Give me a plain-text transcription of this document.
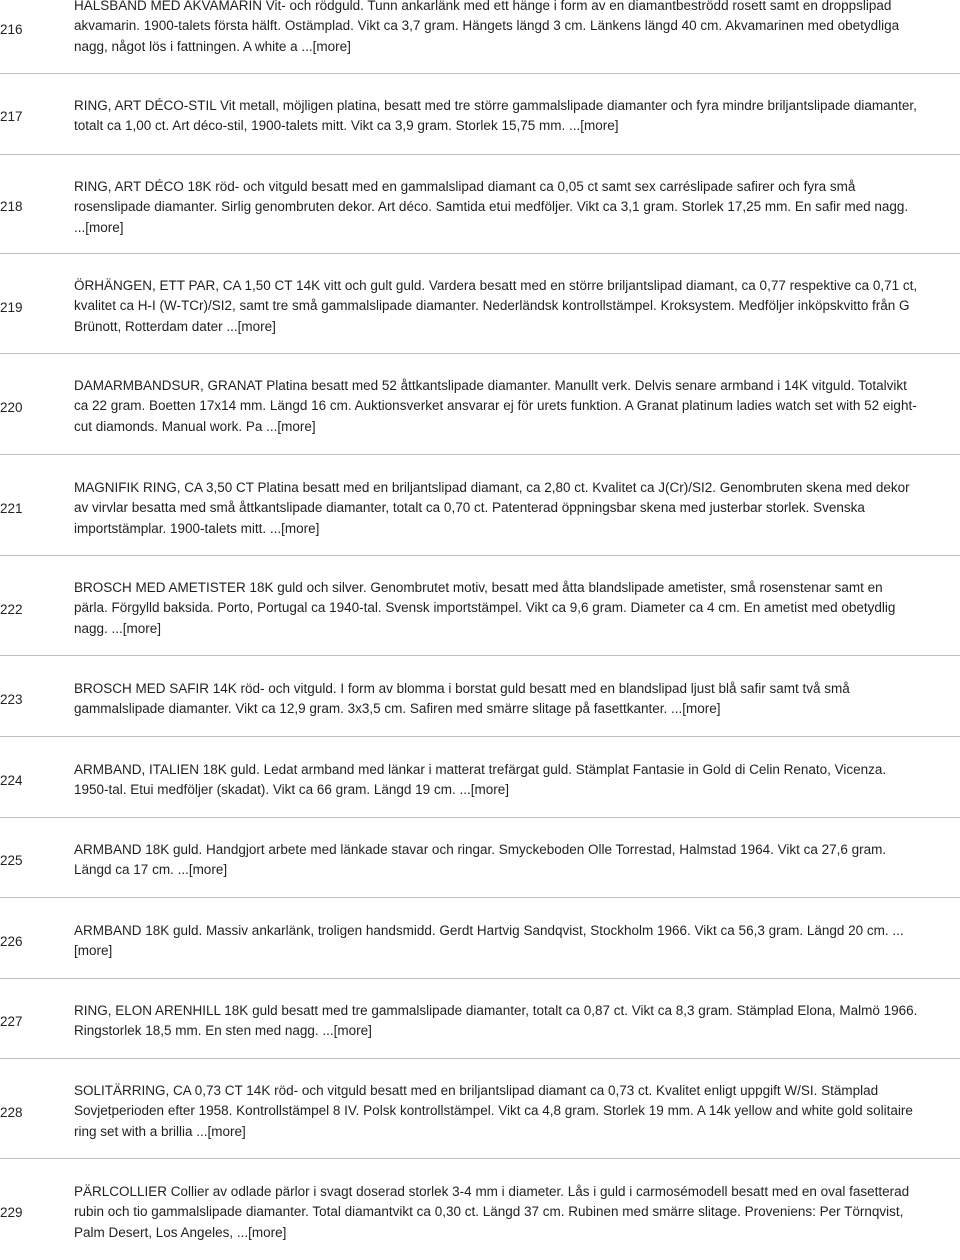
216
HALSBAND MED AKVAMARIN Vit- och rödguld. Tunn ankarlänk med ett hänge i form av en diamantbeströdd rosett samt en droppslipad akvamarin. 1900-talets första hälft. Ostämplad. Vikt ca 3,7 gram. Hängets längd 3 cm. Länkens längd 40 cm. Akvamarinen med obetydliga nagg, något lös i fattningen. A white a ...[more]
217
RING, ART DÉCO-STIL Vit metall, möjligen platina, besatt med tre större gammalslipade diamanter och fyra mindre briljantslipade diamanter, totalt ca 1,00 ct. Art déco-stil, 1900-talets mitt. Vikt ca 3,9 gram. Storlek 15,75 mm. ...[more]
218
RING, ART DÉCO 18K röd- och vitguld besatt med en gammalslipad diamant ca 0,05 ct samt sex carréslipade safirer och fyra små rosenslipade diamanter. Sirlig genombruten dekor. Art déco. Samtida etui medföljer. Vikt ca 3,1 gram. Storlek 17,25 mm. En safir med nagg. ...[more]
219
ÖRHÄNGEN, ETT PAR, CA 1,50 CT 14K vitt och gult guld. Vardera besatt med en större briljantslipad diamant, ca 0,77 respektive ca 0,71 ct, kvalitet ca H-I (W-TCr)/SI2, samt tre små gammalslipade diamanter. Nederländsk kontrollstämpel. Kroksystem. Medföljer inköpskvitto från G Brünott, Rotterdam dater ...[more]
220
DAMARMBANDSUR, GRANAT Platina besatt med 52 åttkantslipade diamanter. Manullt verk. Delvis senare armband i 14K vitguld. Totalvikt ca 22 gram. Boetten 17x14 mm. Längd 16 cm. Auktionsverket ansvarar ej för urets funktion. A Granat platinum ladies watch set with 52 eight-cut diamonds. Manual work. Pa ...[more]
221
MAGNIFIK RING, CA 3,50 CT Platina besatt med en briljantslipad diamant, ca 2,80 ct. Kvalitet ca J(Cr)/SI2. Genombruten skena med dekor av virvlar besatta med små åttkantslipade diamanter, totalt ca 0,70 ct. Patenterad öppningsbar skena med justerbar storlek. Svenska importstämplar. 1900-talets mitt. ...[more]
222
BROSCH MED AMETISTER 18K guld och silver. Genombrutet motiv, besatt med åtta blandslipade ametister, små rosenstenar samt en pärla. Förgylld baksida. Porto, Portugal ca 1940-tal. Svensk importstämpel. Vikt ca 9,6 gram. Diameter ca 4 cm. En ametist med obetydlig nagg. ...[more]
223
BROSCH MED SAFIR 14K röd- och vitguld. I form av blomma i borstat guld besatt med en blandslipad ljust blå safir samt två små gammalslipade diamanter. Vikt ca 12,9 gram. 3x3,5 cm. Safiren med smärre slitage på fasettkanter. ...[more]
224
ARMBAND, ITALIEN 18K guld. Ledat armband med länkar i matterat trefärgat guld. Stämplat Fantasie in Gold di Celin Renato, Vicenza. 1950-tal. Etui medföljer (skadat). Vikt ca 66 gram. Längd 19 cm. ...[more]
225
ARMBAND 18K guld. Handgjort arbete med länkade stavar och ringar. Smyckeboden Olle Torrestad, Halmstad 1964. Vikt ca 27,6 gram. Längd ca 17 cm. ...[more]
226
ARMBAND 18K guld. Massiv ankarlänk, troligen handsmidd. Gerdt Hartvig Sandqvist, Stockholm 1966. Vikt ca 56,3 gram. Längd 20 cm. ...[more]
227
RING, ELON ARENHILL 18K guld besatt med tre gammalslipade diamanter, totalt ca 0,87 ct. Vikt ca 8,3 gram. Stämplad Elona, Malmö 1966. Ringstorlek 18,5 mm. En sten med nagg. ...[more]
228
SOLITÄRRING, CA 0,73 CT 14K röd- och vitguld besatt med en briljantslipad diamant ca 0,73 ct. Kvalitet enligt uppgift W/SI. Stämplad Sovjetperioden efter 1958. Kontrollstämpel 8 IV. Polsk kontrollstämpel. Vikt ca 4,8 gram. Storlek 19 mm. A 14k yellow and white gold solitaire ring set with a brillia ...[more]
229
PÄRLCOLLIER Collier av odlade pärlor i svagt doserad storlek 3-4 mm i diameter. Lås i guld i carmosémodell besatt med en oval fasetterad rubin och tio gammalslipade diamanter. Total diamantvikt ca 0,30 ct. Längd 37 cm. Rubinen med smärre slitage. Proveniens: Per Törnqvist, Palm Desert, Los Angeles, ...[more]
